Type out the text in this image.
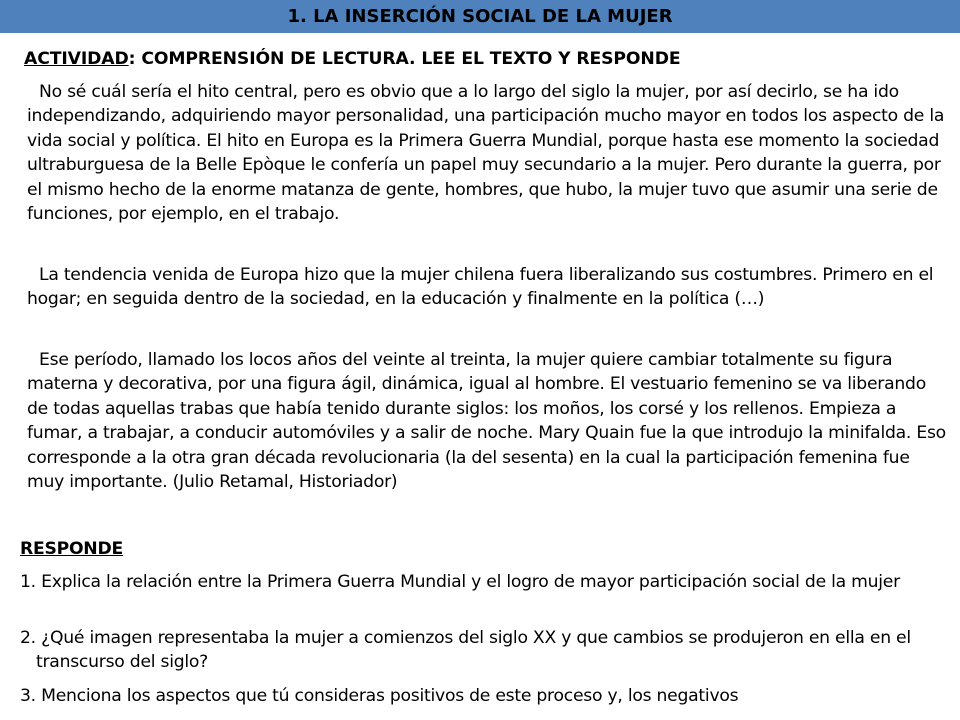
1. LA INSERCIÓN SOCIAL DE LA MUJER
ACTIVIDAD: COMPRENSIÓN DE LECTURA. LEE EL TEXTO Y RESPONDE
No sé cuál sería el hito central, pero es obvio que a lo largo del siglo la mujer, por así decirlo, se ha ido independizando, adquiriendo mayor personalidad, una participación mucho mayor en todos los aspecto de la vida social y política. El hito en Europa es la Primera Guerra Mundial, porque hasta ese momento la sociedad ultraburguesa de la Belle Epòque le confería un papel muy secundario a la mujer. Pero durante la guerra, por el mismo hecho de la enorme matanza de gente, hombres, que hubo, la mujer tuvo que asumir una serie de funciones, por ejemplo, en el trabajo.
La tendencia venida de Europa hizo que la mujer chilena fuera liberalizando sus costumbres. Primero en el hogar; en seguida dentro de la sociedad, en la educación y finalmente en la política (…)
Ese período, llamado los locos años del veinte al treinta, la mujer quiere cambiar totalmente su figura materna y decorativa, por una figura ágil, dinámica, igual al hombre. El vestuario femenino se va liberando de todas aquellas trabas que había tenido durante siglos: los moños, los corsé y los rellenos. Empieza a fumar, a trabajar, a conducir automóviles y a salir de noche. Mary Quain fue la que introdujo la minifalda. Eso corresponde a la otra gran década revolucionaria (la del sesenta) en la cual la participación femenina fue muy importante. (Julio Retamal, Historiador)
RESPONDE
1. Explica la relación entre la Primera Guerra Mundial y el logro de mayor participación social de la mujer
2. ¿Qué imagen representaba la mujer a comienzos del siglo XX y que cambios se produjeron en ella en el transcurso del siglo?
3. Menciona los aspectos que tú consideras positivos de este proceso y, los negativos
